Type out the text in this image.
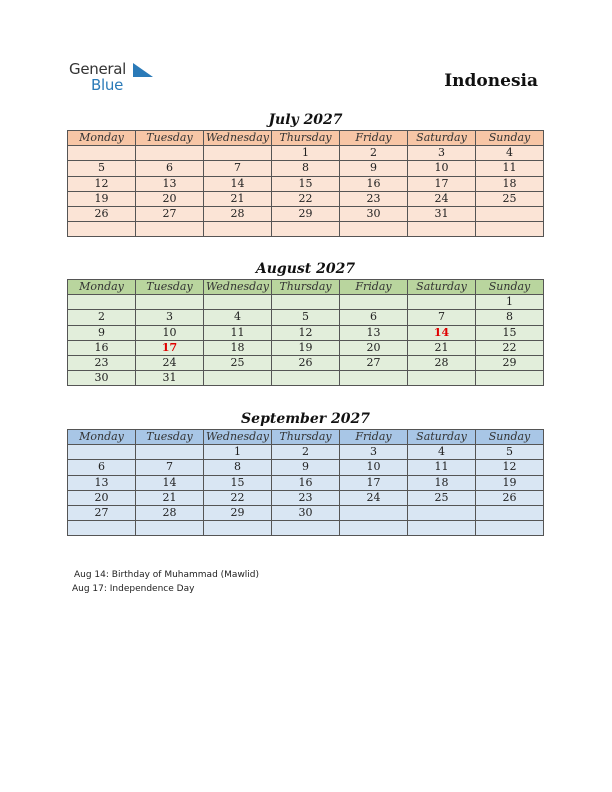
General
Blue	Indonesia
July 2027
Monday	Tuesday	Wednesday	Thursday	Friday	Saturday	Sunday
			1	2	3	4
5	6	7	8	9	10	11
12	13	14	15	16	17	18
19	20	21	22	23	24	25
26	27	28	29	30	31	

August 2027
Monday	Tuesday	Wednesday	Thursday	Friday	Saturday	Sunday
						1
2	3	4	5	6	7	8
9	10	11	12	13	14	15
16	17	18	19	20	21	22
23	24	25	26	27	28	29
30	31					
September 2027
Monday	Tuesday	Wednesday	Thursday	Friday	Saturday	Sunday
		1	2	3	4	5
6	7	8	9	10	11	12
13	14	15	16	17	18	19
20	21	22	23	24	25	26
27	28	29	30			

Aug 14: Birthday of Muhammad (Mawlid)
Aug 17: Independence Day
